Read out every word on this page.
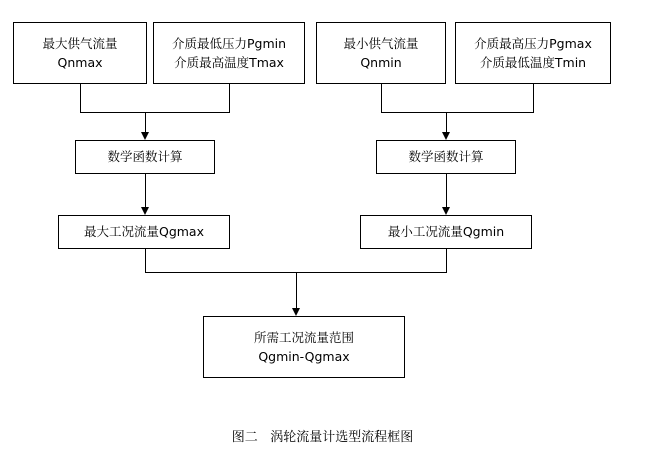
最大供气流量
Qnmax
介质最低压力Pgmin
介质最高温度Tmax
最小供气流量
Qnmin
介质最高压力Pgmax
介质最低温度Tmin
数学函数计算	数学函数计算
最大工况流量Qgmax	最小工况流量Qgmin
所需工况流量范围
Qgmin-Qgmax
图二   涡轮流量计选型流程框图
